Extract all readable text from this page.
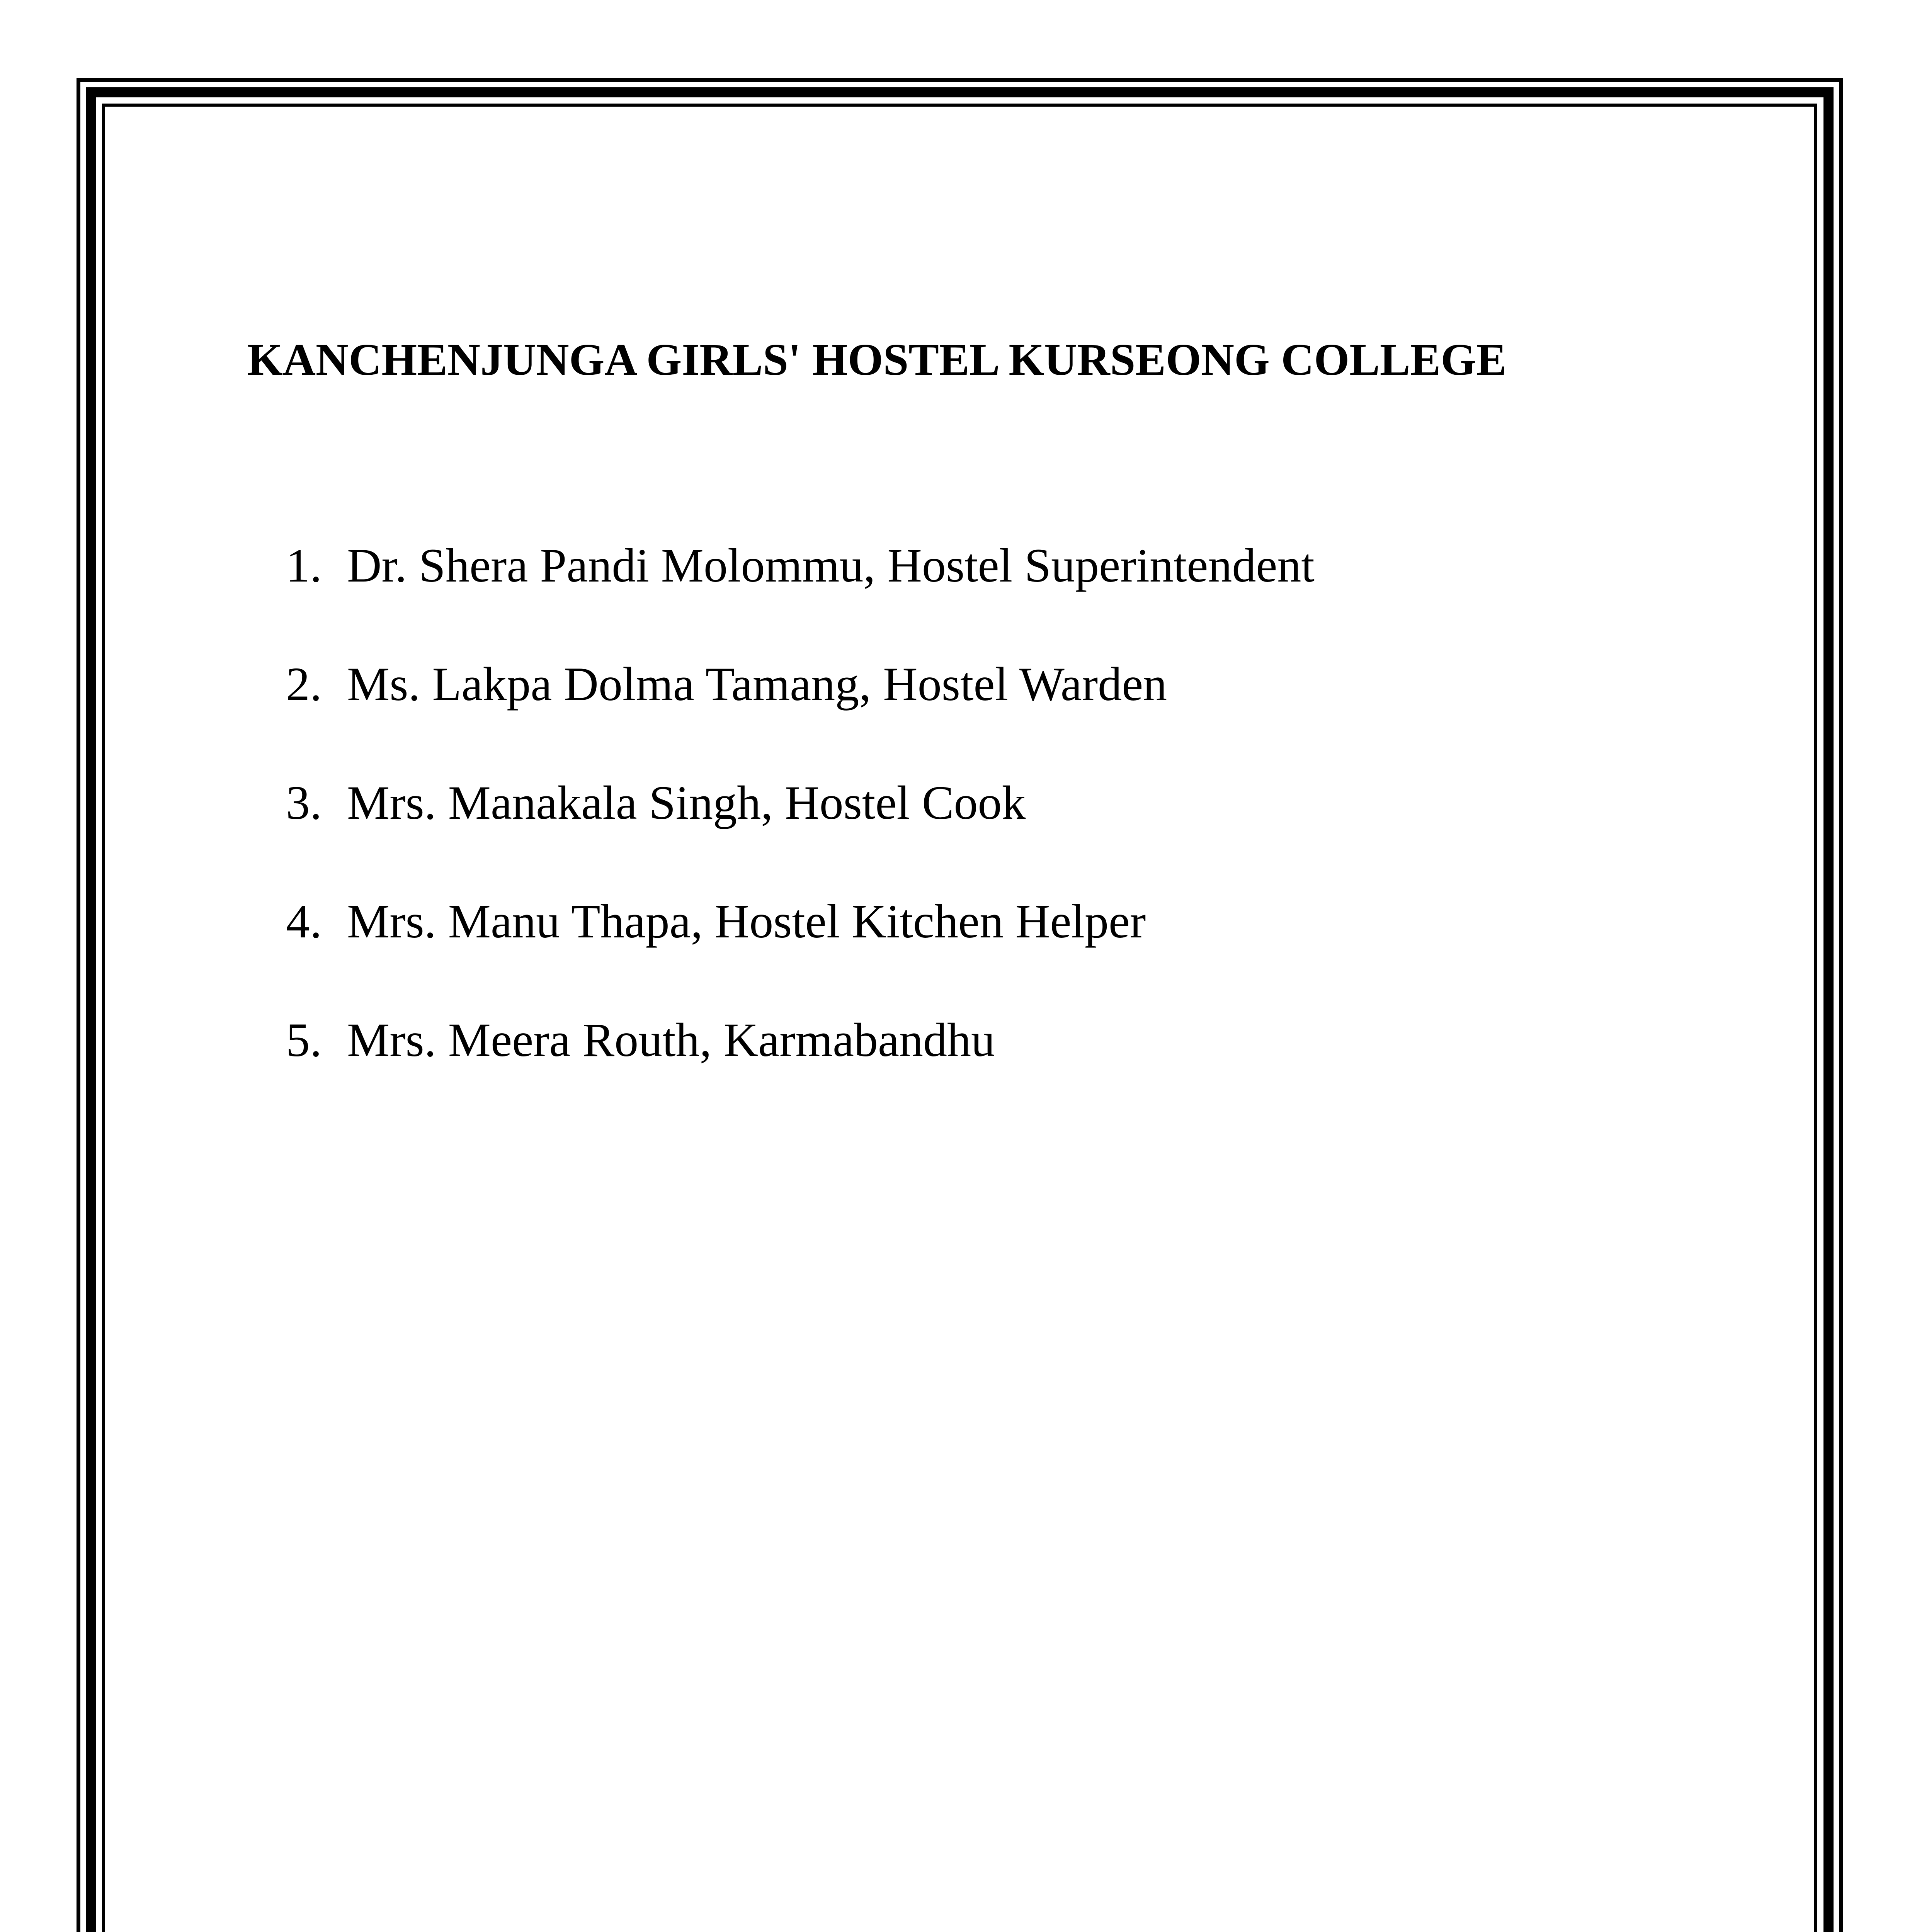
KANCHENJUNGA GIRLS' HOSTEL KURSEONG COLLEGE
1. Dr. Shera Pandi Molommu, Hostel Superintendent
2. Ms. Lakpa Dolma Tamang, Hostel Warden
3. Mrs. Manakala Singh, Hostel Cook
4. Mrs. Manu Thapa, Hostel Kitchen Helper
5. Mrs. Meera Routh, Karmabandhu
